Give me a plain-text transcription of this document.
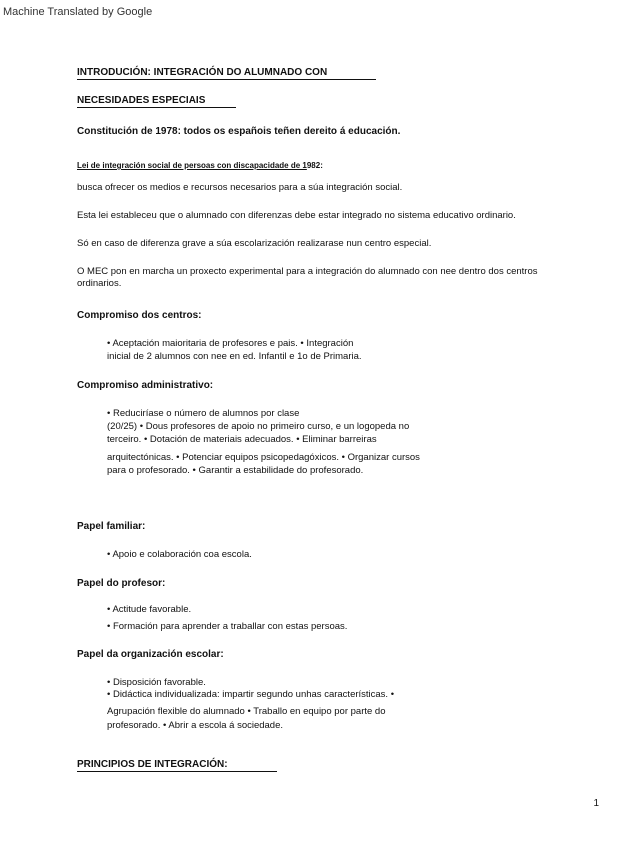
Machine Translated by Google
INTRODUCIÓN: INTEGRACIÓN DO ALUMNADO CON
NECESIDADES ESPECIAIS
Constitución de 1978: todos os españois teñen dereito á educación.
Lei de integración social de persoas con discapacidade de 1982:
busca ofrecer os medios e recursos necesarios para a súa integración social.
Esta lei estableceu que o alumnado con diferenzas debe estar integrado no sistema educativo ordinario.
Só en caso de diferenza grave a súa escolarización realizarase nun centro especial.
O MEC pon en marcha un proxecto experimental para a integración do alumnado con nee dentro dos centros
ordinarios.
Compromiso dos centros:
• Aceptación maioritaria de profesores e pais. • Integración
inicial de 2 alumnos con nee en ed. Infantil e 1o de Primaria.
Compromiso administrativo:
• Reduciríase o número de alumnos por clase
(20/25) • Dous profesores de apoio no primeiro curso, e un logopeda no
terceiro. • Dotación de materiais adecuados. • Eliminar barreiras
arquitectónicas. • Potenciar equipos psicopedagóxicos. • Organizar cursos
para o profesorado. • Garantir a estabilidade do profesorado.
Papel familiar:
• Apoio e colaboración coa escola.
Papel do profesor:
• Actitude favorable.
• Formación para aprender a traballar con estas persoas.
Papel da organización escolar:
• Disposición favorable.
• Didáctica individualizada: impartir segundo unhas características. •
Agrupación flexible do alumnado • Traballo en equipo por parte do
profesorado. • Abrir a escola á sociedade.
PRINCIPIOS DE INTEGRACIÓN:
1
